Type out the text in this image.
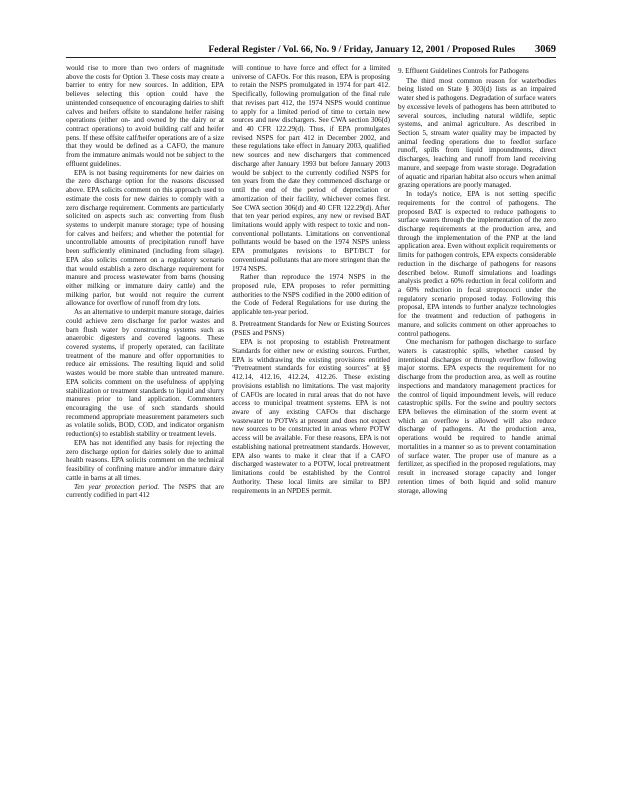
Federal Register / Vol. 66, No. 9 / Friday, January 12, 2001 / Proposed Rules 3069

would rise to more than two orders of magnitude above the costs for Option 3. These costs may create a barrier to entry for new sources. In addition, EPA believes selecting this option could have the unintended consequence of encouraging dairies to shift calves and heifers offsite to standalone heifer raising operations (either on- and owned by the dairy or at contract operations) to avoid building calf and heifer pens. If these offsite calf/heifer operations are of a size that they would be defined as a CAFO, the manure from the immature animals would not be subject to the effluent guidelines.

EPA is not basing requirements for new dairies on the zero discharge option for the reasons discussed above. EPA solicits comment on this approach used to estimate the costs for new dairies to comply with a zero discharge requirement. Comments are particularly solicited on aspects such as: converting from flush systems to underpit manure storage; type of housing for calves and heifers; and whether the potential for uncontrollable amounts of precipitation runoff have been sufficiently eliminated (including from silage). EPA also solicits comment on a regulatory scenario that would establish a zero discharge requirement for manure and process wastewater from barns (housing either milking or immature dairy cattle) and the milking parlor, but would not require the current allowance for overflow of runoff from dry lots.

As an alternative to underpit manure storage, dairies could achieve zero discharge for parlor wastes and barn flush water by constructing systems such as anaerobic digesters and covered lagoons. These covered systems, if properly operated, can facilitate treatment of the manure and offer opportunities to reduce air emissions. The resulting liquid and solid wastes would be more stable than untreated manure. EPA solicits comment on the usefulness of applying stabilization or treatment standards to liquid and slurry manures prior to land application. Commenters encouraging the use of such standards should recommend appropriate measurement parameters such as volatile solids, BOD, COD, and indicator organism reduction(s) to establish stability or treatment levels.

EPA has not identified any basis for rejecting the zero discharge option for dairies solely due to animal health reasons. EPA solicits comment on the technical feasibility of confining mature and/or immature dairy cattle in barns at all times.

Ten year protection period. The NSPS that are currently codified in part 412

will continue to have force and effect for a limited universe of CAFOs. For this reason, EPA is proposing to retain the NSPS promulgated in 1974 for part 412. Specifically, following promulgation of the final rule that revises part 412, the 1974 NSPS would continue to apply for a limited period of time to certain new sources and new dischargers. See CWA section 306(d) and 40 CFR 122.29(d). Thus, if EPA promulgates revised NSPS for part 412 in December 2002, and these regulations take effect in January 2003, qualified new sources and new dischargers that commenced discharge after January 1993 but before January 2003 would be subject to the currently codified NSPS for ten years from the date they commenced discharge or until the end of the period of depreciation or amortization of their facility, whichever comes first. See CWA section 306(d) and 40 CFR 122.29(d). After that ten year period expires, any new or revised BAT limitations would apply with respect to toxic and non-conventional pollutants. Limitations on conventional pollutants would be based on the 1974 NSPS unless EPA promulgates revisions to BPT/BCT for conventional pollutants that are more stringent than the 1974 NSPS.

Rather than reproduce the 1974 NSPS in the proposed rule, EPA proposes to refer permitting authorities to the NSPS codified in the 2000 edition of the Code of Federal Regulations for use during the applicable ten-year period.

8. Pretreatment Standards for New or Existing Sources (PSES and PSNS)

EPA is not proposing to establish Pretreatment Standards for either new or existing sources. Further, EPA is withdrawing the existing provisions entitled "Pretreatment standards for existing sources" at §§ 412.14, 412.16, 412.24, 412.26. These existing provisions establish no limitations. The vast majority of CAFOs are located in rural areas that do not have access to municipal treatment systems. EPA is not aware of any existing CAFOs that discharge wastewater to POTWs at present and does not expect new sources to be constructed in areas where POTW access will be available. For these reasons, EPA is not establishing national pretreatment standards. However, EPA also wants to make it clear that if a CAFO discharged wastewater to a POTW, local pretreatment limitations could be established by the Control Authority. These local limits are similar to BPJ requirements in an NPDES permit.

9. Effluent Guidelines Controls for Pathogens

The third most common reason for waterbodies being listed on State § 303(d) lists as an impaired water shed is pathogens. Degradation of surface waters by excessive levels of pathogens has been attributed to several sources, including natural wildlife, septic systems, and animal agriculture. As described in Section 5, stream water quality may be impacted by animal feeding operations due to feedlot surface runoff, spills from liquid impoundments, direct discharges, leaching and runoff from land receiving manure, and seepage from waste storage. Degradation of aquatic and riparian habitat also occurs when animal grazing operations are poorly managed.

In today's notice, EPA is not setting specific requirements for the control of pathogens. The proposed BAT is expected to reduce pathogens to surface waters through the implementation of the zero discharge requirements at the production area, and through the implementation of the PNP at the land application area. Even without explicit requirements or limits for pathogen controls, EPA expects considerable reduction in the discharge of pathogens for reasons described below. Runoff simulations and loadings analysis predict a 60% reduction in fecal coliform and a 60% reduction in fecal streptococci under the regulatory scenario proposed today. Following this proposal, EPA intends to further analyze technologies for the treatment and reduction of pathogens in manure, and solicits comment on other approaches to control pathogens.

One mechanism for pathogen discharge to surface waters is catastrophic spills, whether caused by intentional discharges or through overflow following major storms. EPA expects the requirement for no discharge from the production area, as well as routine inspections and mandatory management practices for the control of liquid impoundment levels, will reduce catastrophic spills. For the swine and poultry sectors EPA believes the elimination of the storm event at which an overflow is allowed will also reduce discharge of pathogens. At the production area, operations would be required to handle animal mortalities in a manner so as to prevent contamination of surface water. The proper use of manure as a fertilizer, as specified in the proposed regulations, may result in increased storage capacity and longer retention times of both liquid and solid manure storage, allowing
